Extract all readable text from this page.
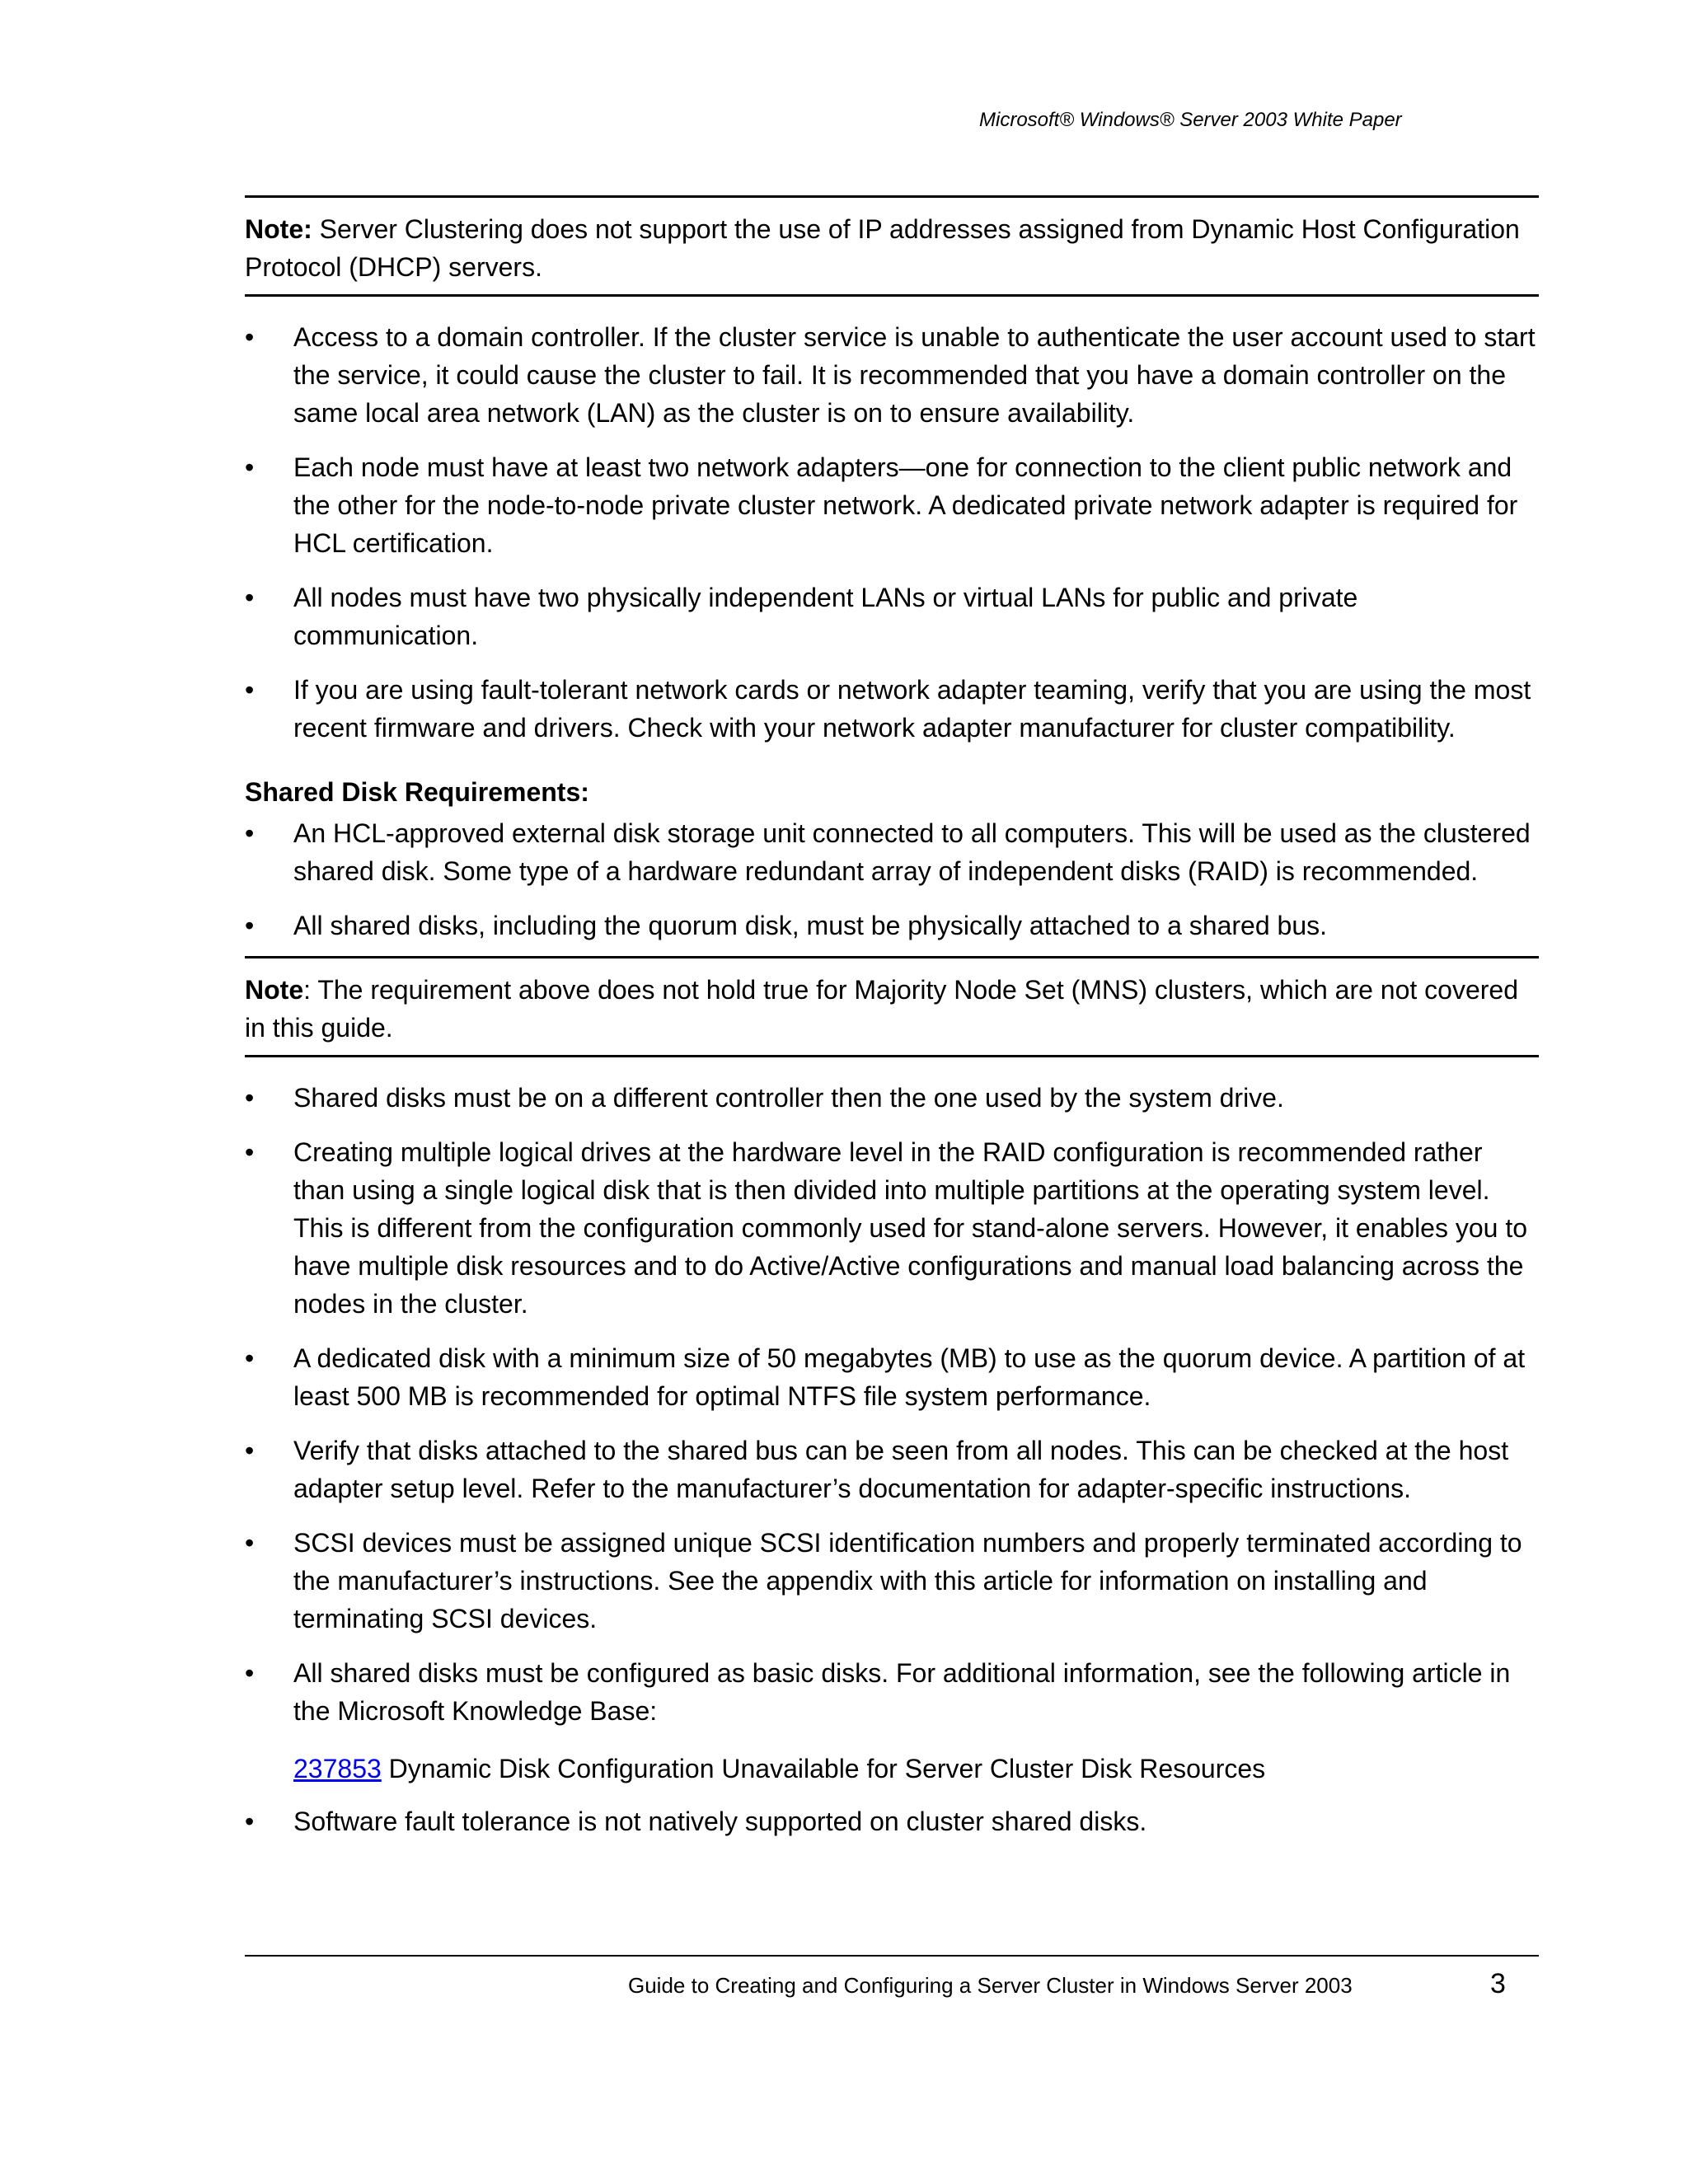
Microsoft® Windows® Server 2003 White Paper
Note: Server Clustering does not support the use of IP addresses assigned from Dynamic Host Configuration Protocol (DHCP) servers.
• Access to a domain controller. If the cluster service is unable to authenticate the user account used to start the service, it could cause the cluster to fail. It is recommended that you have a domain controller on the same local area network (LAN) as the cluster is on to ensure availability.
• Each node must have at least two network adapters—one for connection to the client public network and the other for the node-to-node private cluster network. A dedicated private network adapter is required for HCL certification.
• All nodes must have two physically independent LANs or virtual LANs for public and private communication.
• If you are using fault-tolerant network cards or network adapter teaming, verify that you are using the most recent firmware and drivers. Check with your network adapter manufacturer for cluster compatibility.
Shared Disk Requirements:
• An HCL-approved external disk storage unit connected to all computers. This will be used as the clustered shared disk. Some type of a hardware redundant array of independent disks (RAID) is recommended.
• All shared disks, including the quorum disk, must be physically attached to a shared bus.
Note: The requirement above does not hold true for Majority Node Set (MNS) clusters, which are not covered in this guide.
• Shared disks must be on a different controller then the one used by the system drive.
• Creating multiple logical drives at the hardware level in the RAID configuration is recommended rather than using a single logical disk that is then divided into multiple partitions at the operating system level. This is different from the configuration commonly used for stand-alone servers. However, it enables you to have multiple disk resources and to do Active/Active configurations and manual load balancing across the nodes in the cluster.
• A dedicated disk with a minimum size of 50 megabytes (MB) to use as the quorum device. A partition of at least 500 MB is recommended for optimal NTFS file system performance.
• Verify that disks attached to the shared bus can be seen from all nodes. This can be checked at the host adapter setup level. Refer to the manufacturer’s documentation for adapter-specific instructions.
• SCSI devices must be assigned unique SCSI identification numbers and properly terminated according to the manufacturer’s instructions. See the appendix with this article for information on installing and terminating SCSI devices.
• All shared disks must be configured as basic disks. For additional information, see the following article in the Microsoft Knowledge Base:
237853 Dynamic Disk Configuration Unavailable for Server Cluster Disk Resources
• Software fault tolerance is not natively supported on cluster shared disks.
Guide to Creating and Configuring a Server Cluster in Windows Server 2003	3
